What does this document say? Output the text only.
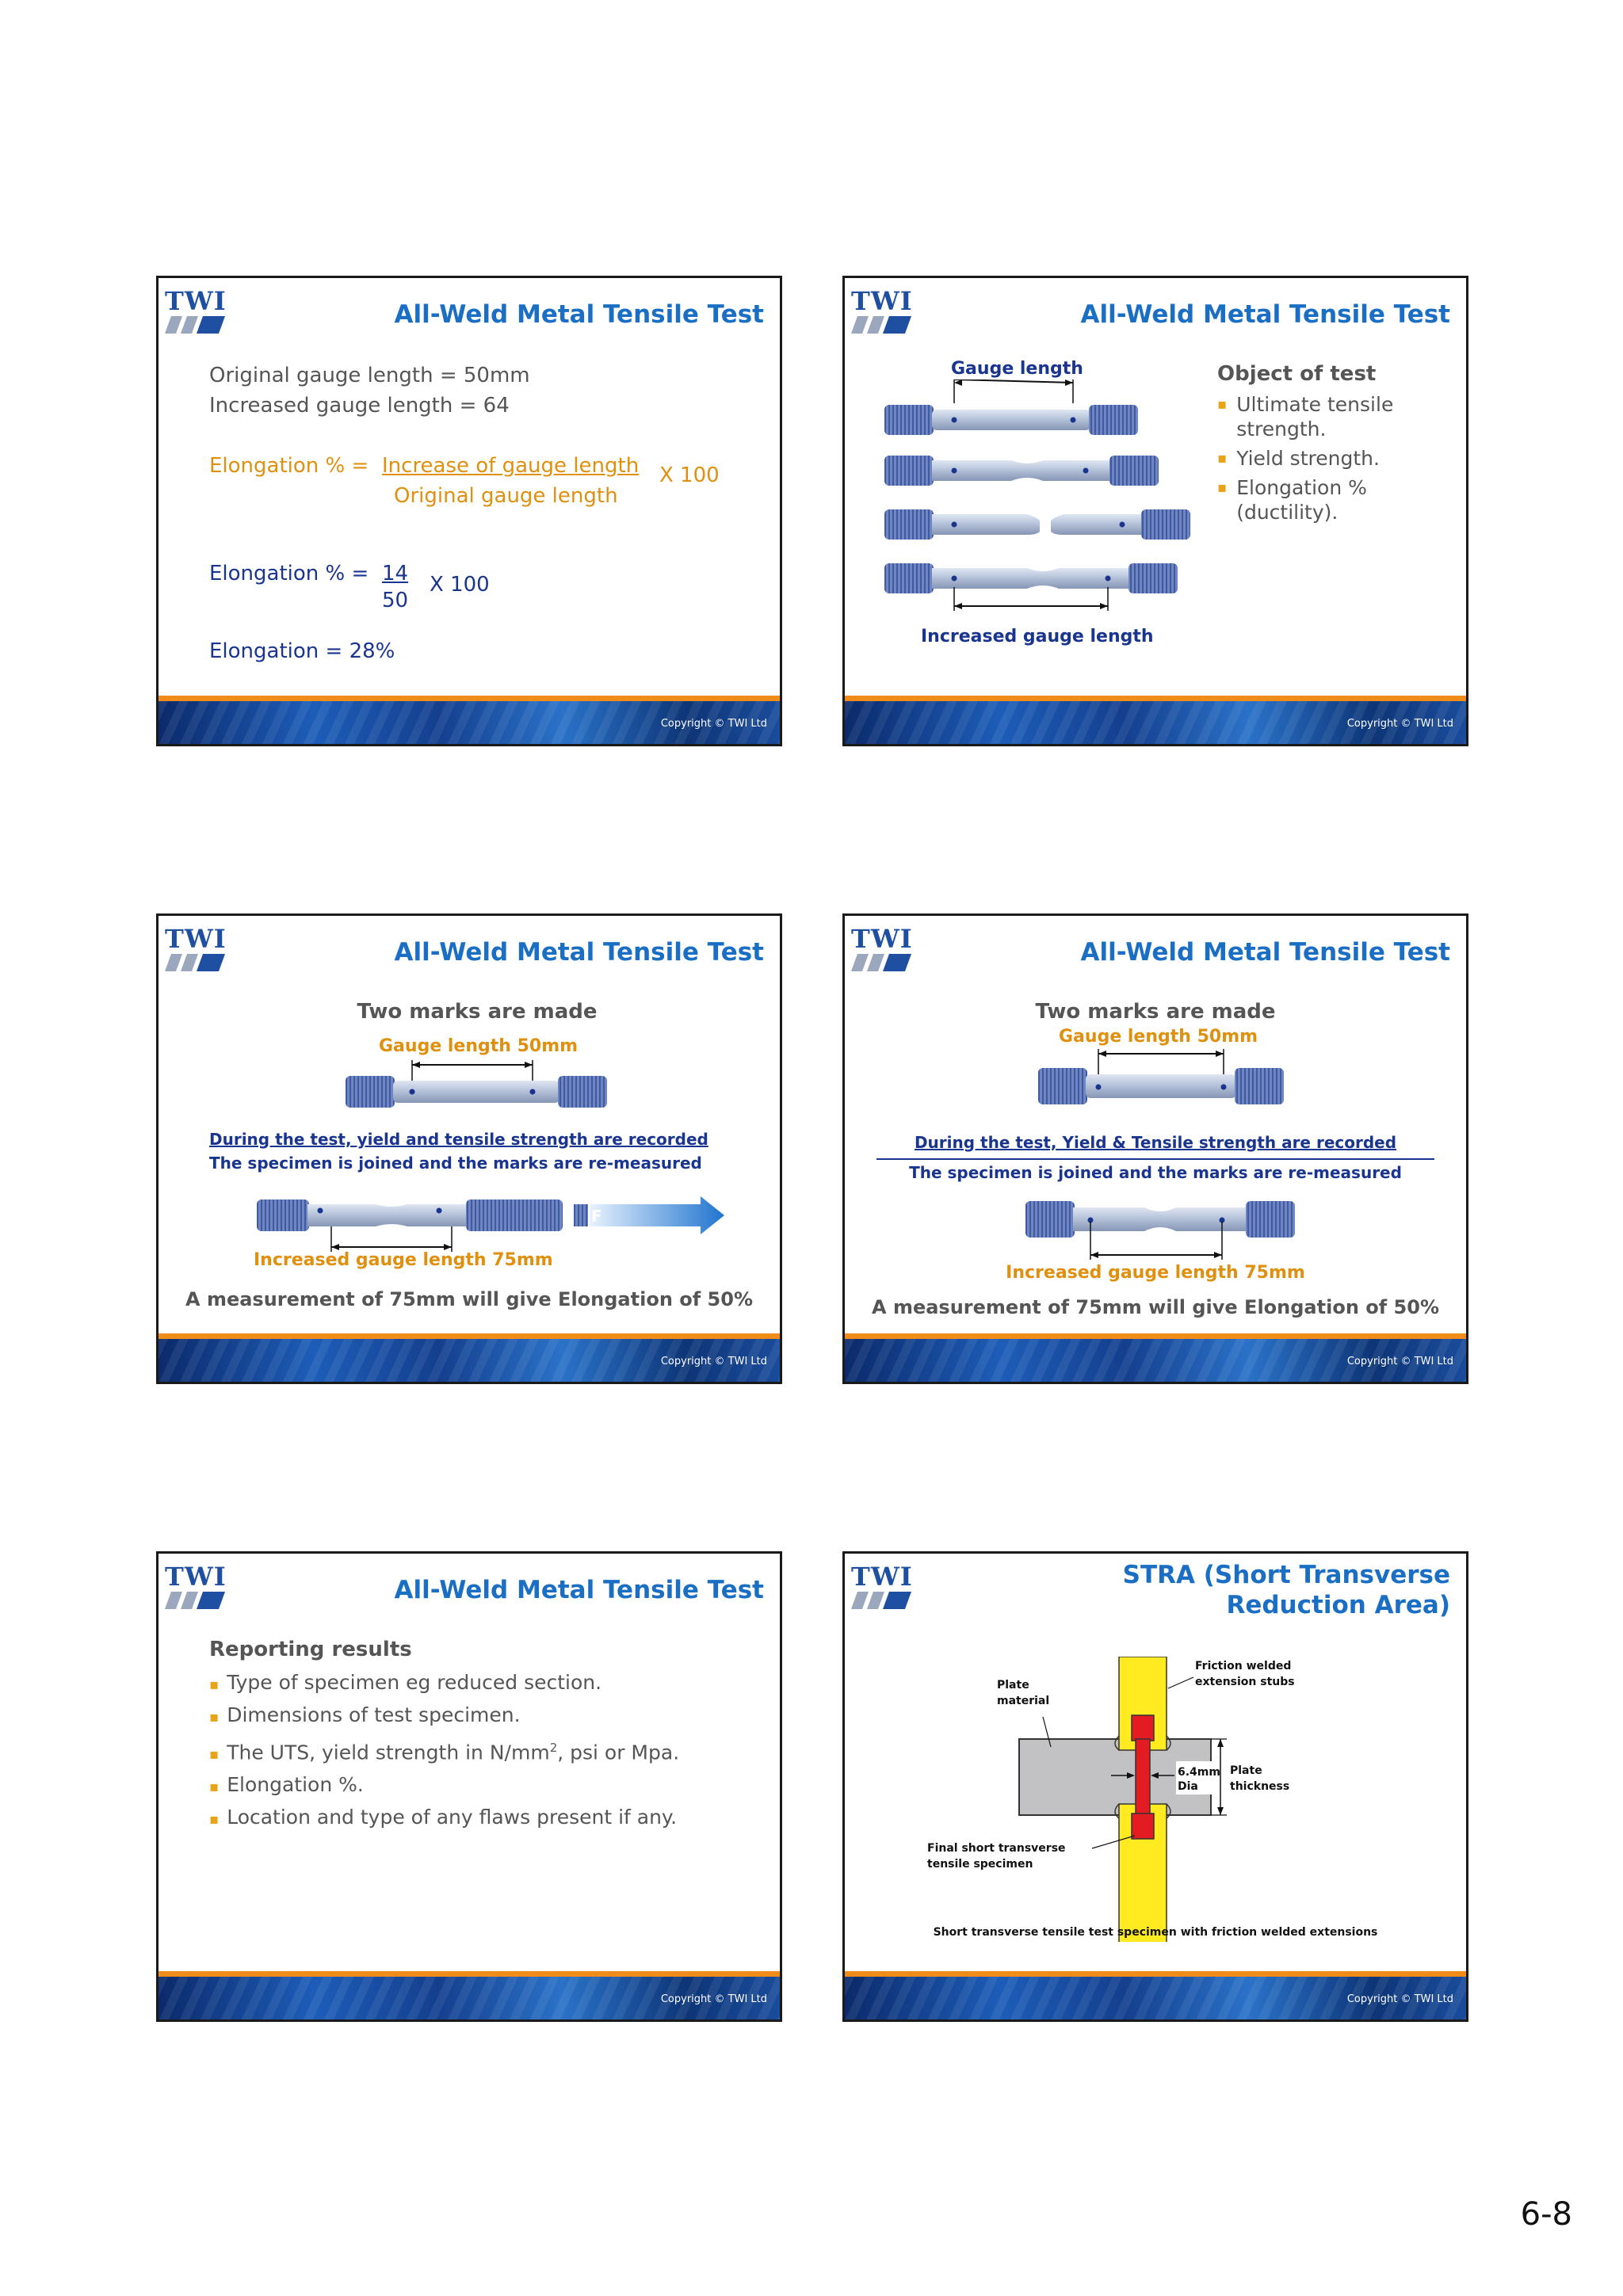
TWI	All-Weld Metal Tensile Test
Original gauge length = 50mm
Increased gauge length = 64
Elongation % = Increase of gauge length
Original gauge length
X 100
Elongation % = 14
50
X 100
Elongation = 28%
Copyright © TWI Ltd
TWI	All-Weld Metal Tensile Test
Gauge length
Increased gauge length
Object of test
▪ Ultimate tensile strength.
▪ Yield strength.
▪ Elongation %(ductility).
Copyright © TWI Ltd
TWI	All-Weld Metal Tensile Test
Two marks are made
Gauge length 50mm
During the test, yield and tensile strength are recorded
The specimen is joined and the marks are re-measured
F
Increased gauge length 75mm
A measurement of 75mm will give Elongation of 50%
Copyright © TWI Ltd
TWI	All-Weld Metal Tensile Test
Two marks are made
Gauge length 50mm
During the test, Yield & Tensile strength are recorded
The specimen is joined and the marks are re-measured
Increased gauge length 75mm
A measurement of 75mm will give Elongation of 50%
Copyright © TWI Ltd
TWI	All-Weld Metal Tensile Test
Reporting results
▪ Type of specimen eg reduced section.
▪ Dimensions of test specimen.
▪ The UTS, yield strength in $N/mm^2$, psi or Mpa.
▪ Elongation %.
▪ Location and type of any flaws present if any.
Copyright © TWI Ltd
TWI	STRA (Short Transverse
Reduction Area)
6.4mm
Dia
Plate
thickness
Friction welded
extension stubs
Plate
material
Final short transverse
tensile specimen
Short transverse tensile test specimen with friction welded extensions
Copyright © TWI Ltd
6-8
